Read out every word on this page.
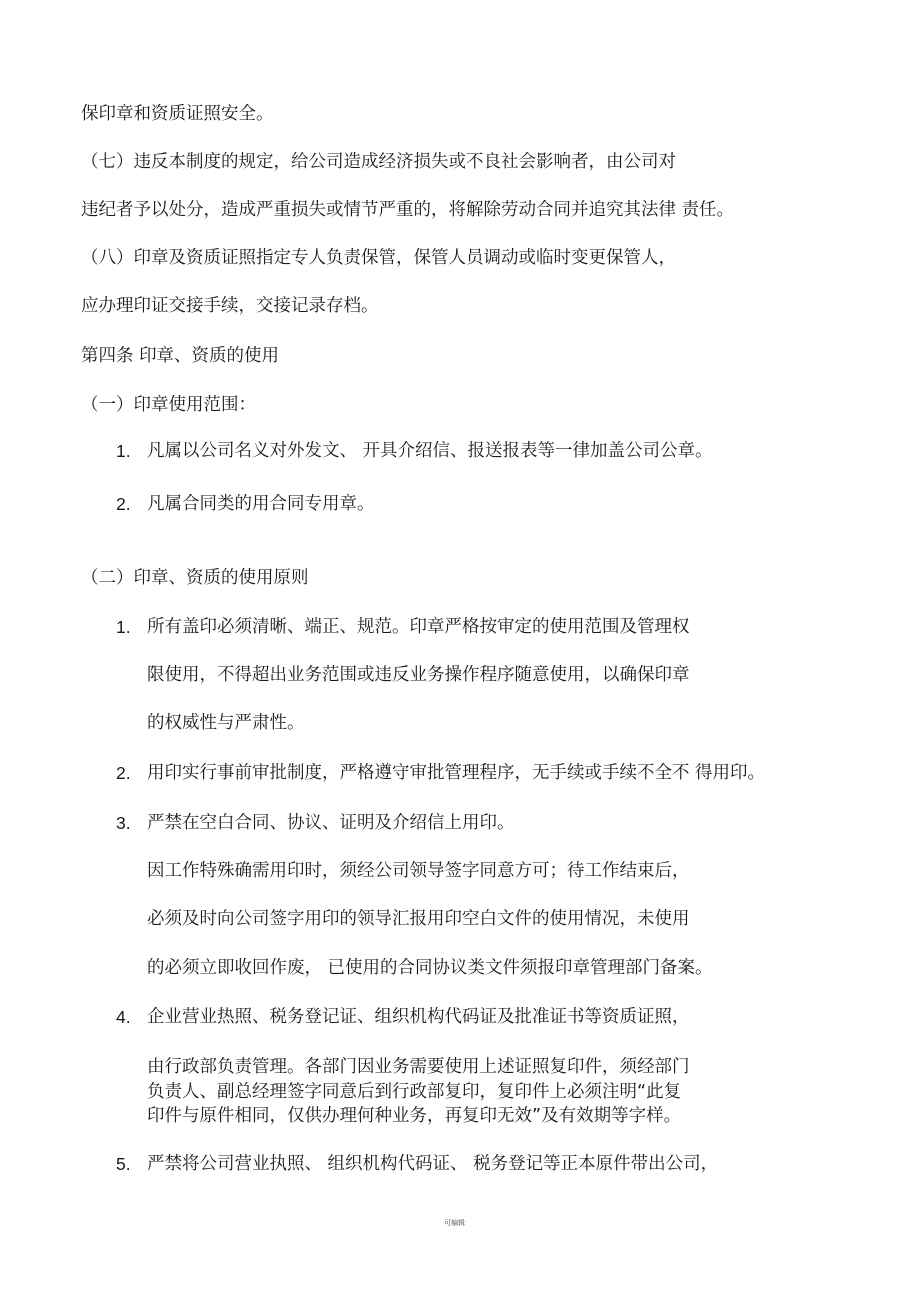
保印章和资质证照安全。
（七）违反本制度的规定，给公司造成经济损失或不良社会影响者，由公司对
违纪者予以处分，造成严重损失或情节严重的，将解除劳动合同并追究其法律 责任。
（八）印章及资质证照指定专人负责保管，保管人员调动或临时变更保管人，
应办理印证交接手续，交接记录存档。
第四条 印章、资质的使用
（一）印章使用范围：
1. 凡属以公司名义对外发文、 开具介绍信、报送报表等一律加盖公司公章。
2. 凡属合同类的用合同专用章。
（二）印章、资质的使用原则
1. 所有盖印必须清晰、端正、规范。印章严格按审定的使用范围及管理权
限使用，不得超出业务范围或违反业务操作程序随意使用，以确保印章
的权威性与严肃性。
2. 用印实行事前审批制度，严格遵守审批管理程序，无手续或手续不全不 得用印。
3. 严禁在空白合同、协议、证明及介绍信上用印。
因工作特殊确需用印时，须经公司领导签字同意方可；待工作结束后，
必须及时向公司签字用印的领导汇报用印空白文件的使用情况，未使用
的必须立即收回作废， 已使用的合同协议类文件须报印章管理部门备案。
4. 企业营业热照、税务登记证、组织机构代码证及批准证书等资质证照，
由行政部负责管理。各部门因业务需要使用上述证照复印件，须经部门
负责人、副总经理签字同意后到行政部复印，复印件上必须注明“此复
印件与原件相同，仅供办理何种业务，再复印无效”及有效期等字样。
5. 严禁将公司营业执照、 组织机构代码证、 税务登记等正本原件带出公司，
可编辑
